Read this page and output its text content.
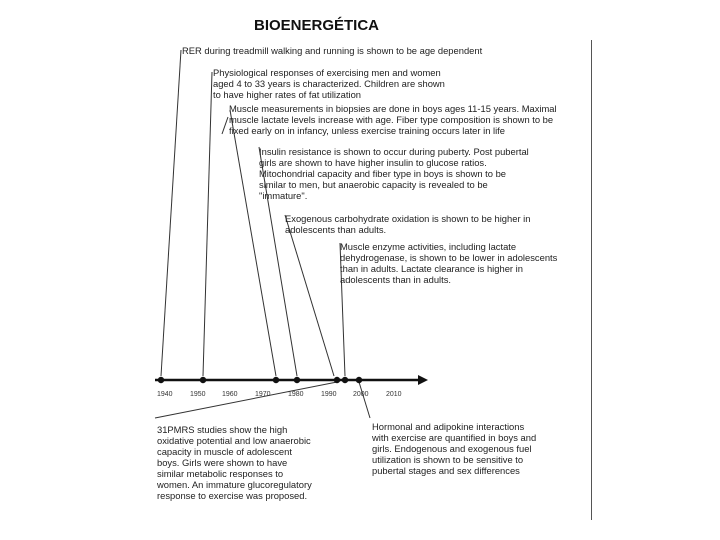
BIOENERGÉTICA
1940 1950 1960 1970 1980 1990 2000 2010
RER during treadmill walking and running is shown to be age dependent
Physiological responses of exercising men and women
aged 4 to 33 years is characterized. Children are shown
to have higher rates of fat utilization
Muscle measurements in biopsies are done in boys ages 11-15 years. Maximal
muscle lactate levels increase with age. Fiber type composition is shown to be
fixed early on in infancy, unless exercise training occurs later in life
Insulin resistance is shown to occur during puberty. Post pubertal
girls are shown to have higher insulin to glucose ratios.
Mitochondrial capacity and fiber type in boys is shown to be
similar to men, but anaerobic capacity is revealed to be
"immature".
Exogenous carbohydrate oxidation is shown to be higher in
adolescents than adults.
Muscle enzyme activities, including lactate
dehydrogenase, is shown to be lower in adolescents
than in adults. Lactate clearance is higher in
adolescents than in adults.
31PMRS studies show the high
oxidative potential and low anaerobic
capacity in muscle of adolescent
boys. Girls were shown to have
similar metabolic responses to
women. An immature glucoregulatory
response to exercise was proposed.
Hormonal and adipokine interactions
with exercise are quantified in boys and
girls. Endogenous and exogenous fuel
utilization is shown to be sensitive to
pubertal stages and sex differences
